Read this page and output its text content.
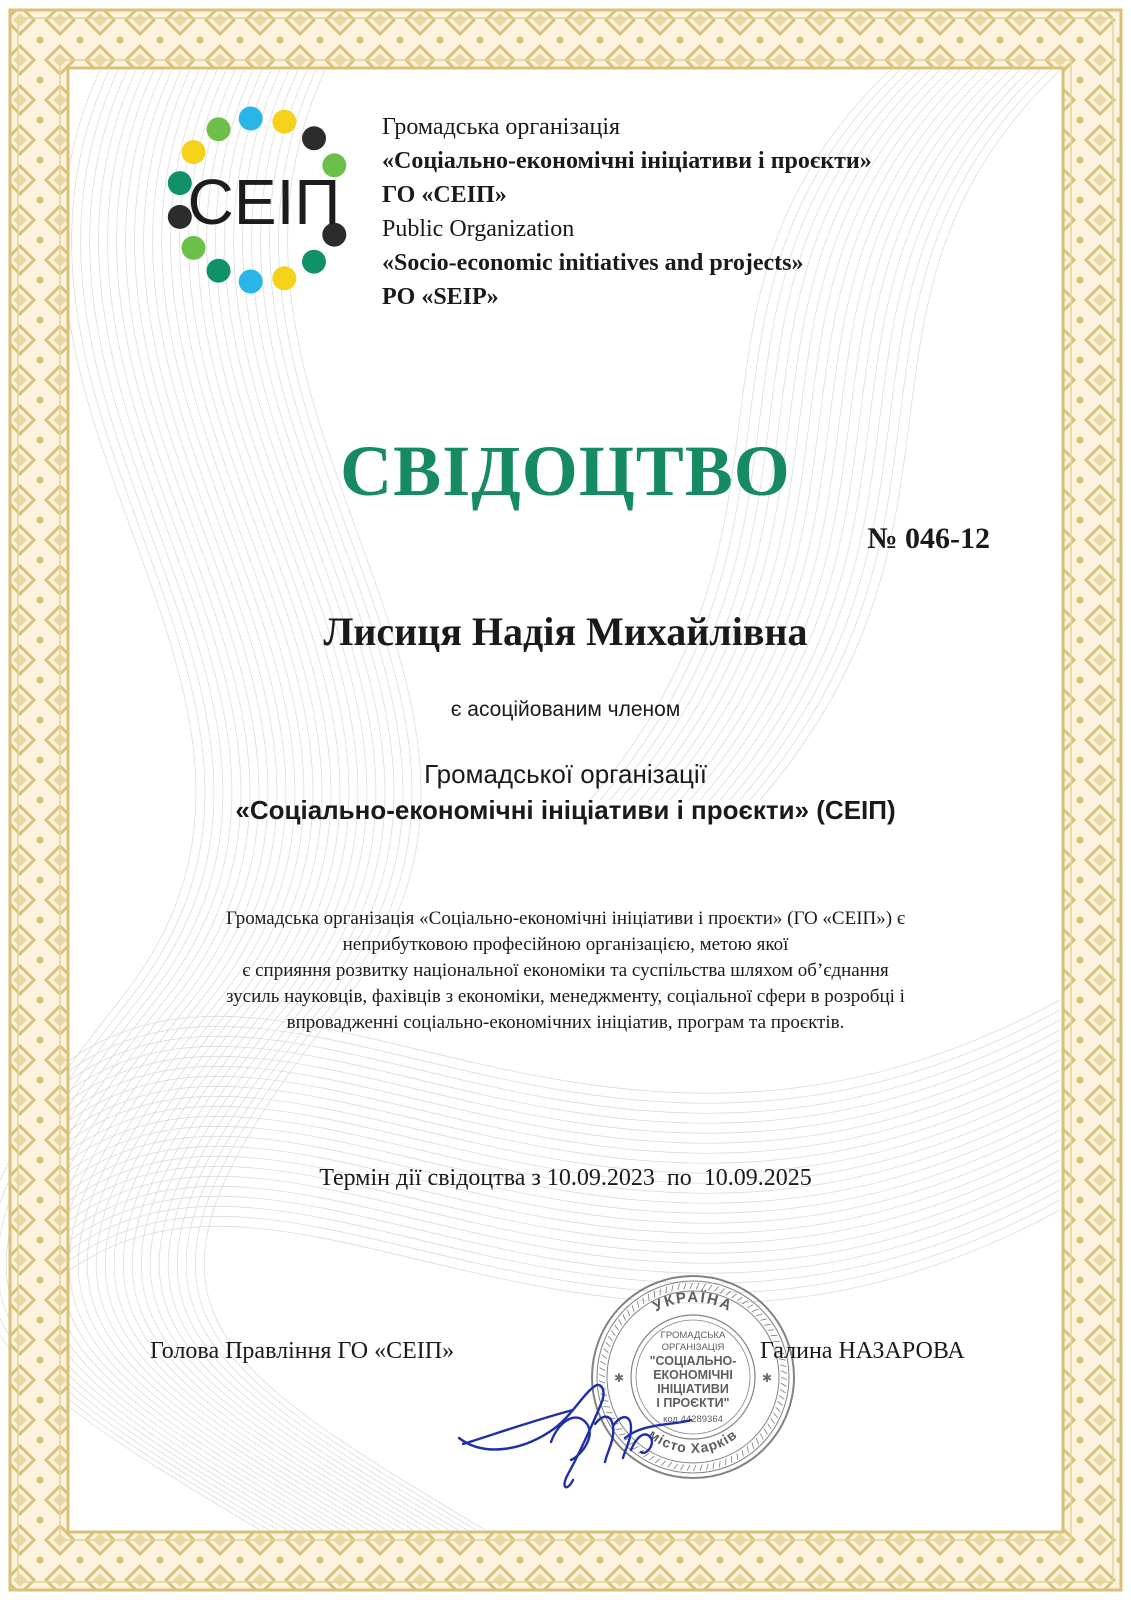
СЕІП
Громадська організація
«Соціально-економічні ініціативи і проєкти»
ГО «СЕІП»
Public Organization
«Socio-economic initiatives and projects»
PO «SEIP»
СВІДОЦТВО
№ 046-12
Лисиця Надія Михайлівна
є асоційованим членом
Громадської організації
«Соціально-економічні ініціативи і проєкти» (СЕІП)
Громадська організація «Соціально-економічні ініціативи і проєкти» (ГО «СЕІП») є
неприбутковою професійною організацією, метою якої
є сприяння розвитку національної економіки та суспільства шляхом об’єднання
зусиль науковців, фахівців з економіки, менеджменту, соціальної сфери в розробці і
впровадженні соціально-економічних ініціатив, програм та проєктів.
Термін дії свідоцтва з 10.09.2023  по  10.09.2025
Голова Правління ГО «СЕІП»
УКРАЇНА
місто Харків
ГРОМАДСЬКА
ОРГАНІЗАЦІЯ
"СОЦІАЛЬНО-
ЕКОНОМІЧНІ
ІНІЦІАТИВИ
І ПРОЄКТИ"
код 44289364
✱	✱
Галина НАЗАРОВА
